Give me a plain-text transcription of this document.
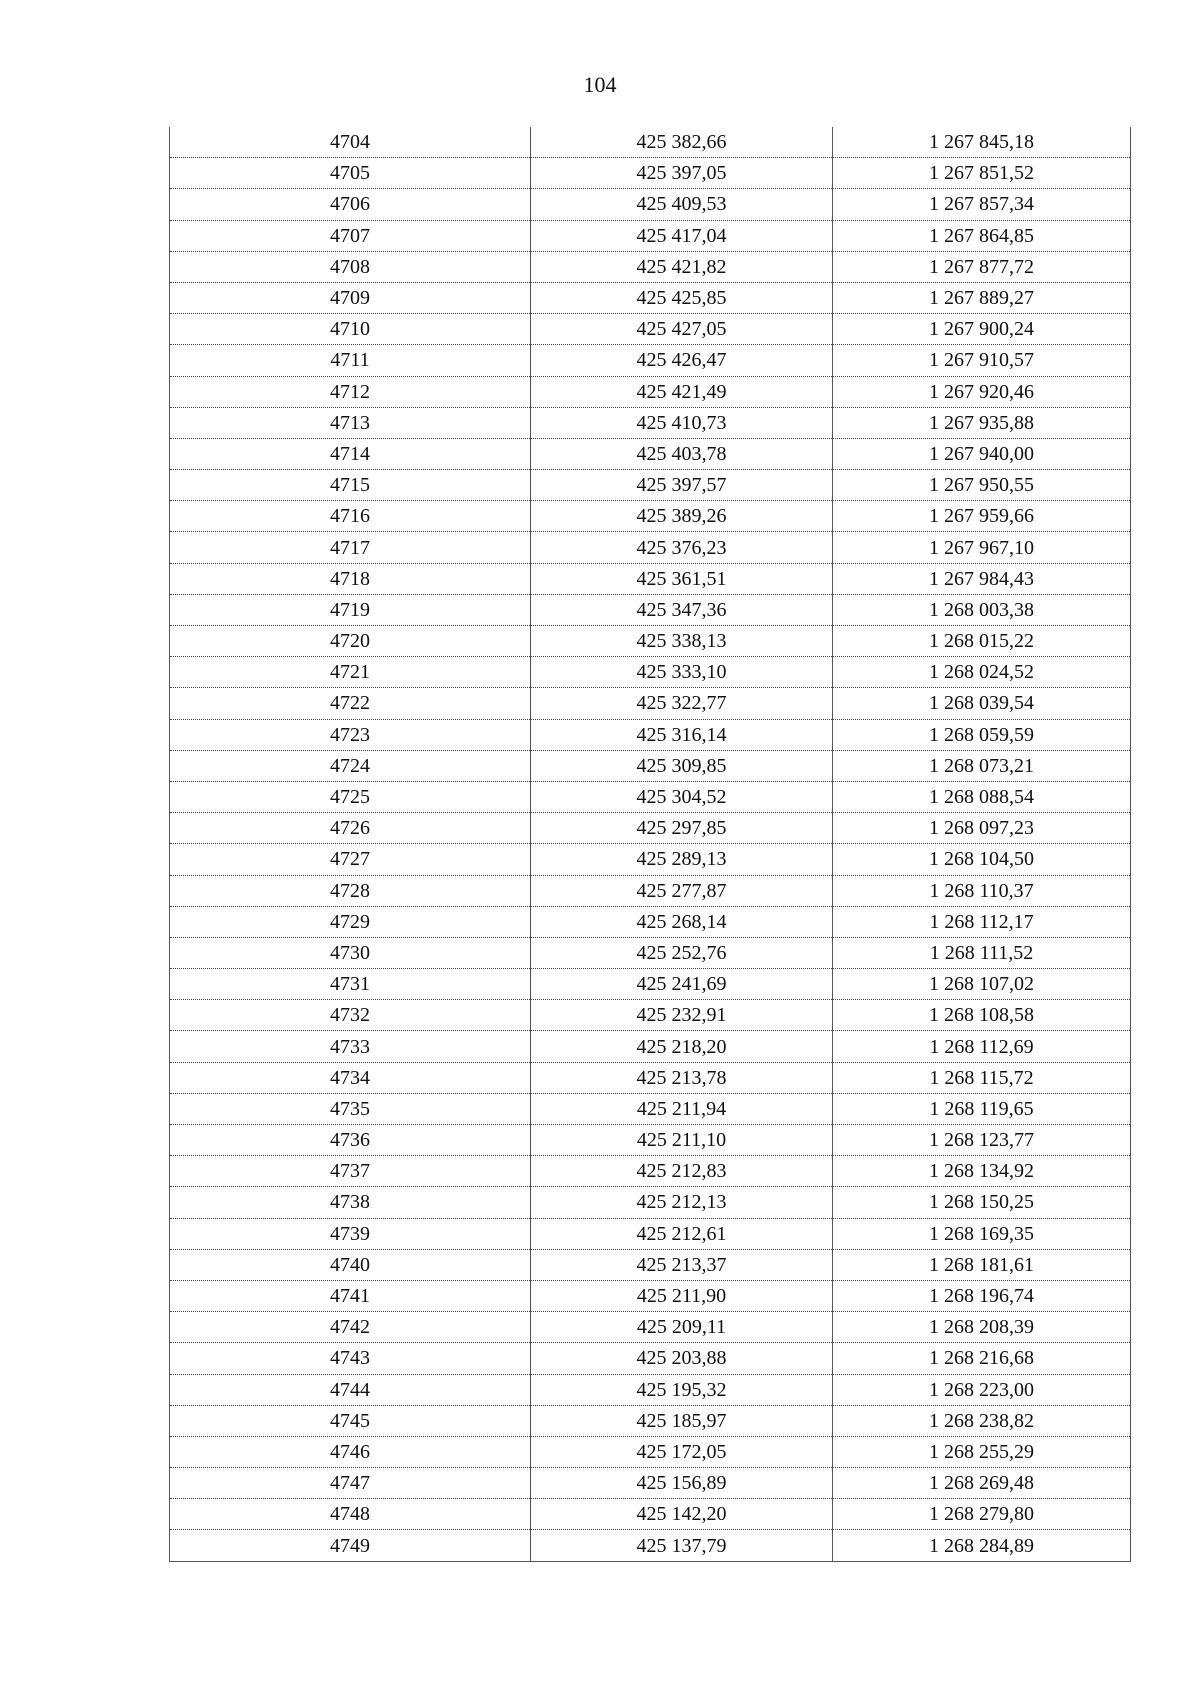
104
4704	425 382,66	1 267 845,18
4705	425 397,05	1 267 851,52
4706	425 409,53	1 267 857,34
4707	425 417,04	1 267 864,85
4708	425 421,82	1 267 877,72
4709	425 425,85	1 267 889,27
4710	425 427,05	1 267 900,24
4711	425 426,47	1 267 910,57
4712	425 421,49	1 267 920,46
4713	425 410,73	1 267 935,88
4714	425 403,78	1 267 940,00
4715	425 397,57	1 267 950,55
4716	425 389,26	1 267 959,66
4717	425 376,23	1 267 967,10
4718	425 361,51	1 267 984,43
4719	425 347,36	1 268 003,38
4720	425 338,13	1 268 015,22
4721	425 333,10	1 268 024,52
4722	425 322,77	1 268 039,54
4723	425 316,14	1 268 059,59
4724	425 309,85	1 268 073,21
4725	425 304,52	1 268 088,54
4726	425 297,85	1 268 097,23
4727	425 289,13	1 268 104,50
4728	425 277,87	1 268 110,37
4729	425 268,14	1 268 112,17
4730	425 252,76	1 268 111,52
4731	425 241,69	1 268 107,02
4732	425 232,91	1 268 108,58
4733	425 218,20	1 268 112,69
4734	425 213,78	1 268 115,72
4735	425 211,94	1 268 119,65
4736	425 211,10	1 268 123,77
4737	425 212,83	1 268 134,92
4738	425 212,13	1 268 150,25
4739	425 212,61	1 268 169,35
4740	425 213,37	1 268 181,61
4741	425 211,90	1 268 196,74
4742	425 209,11	1 268 208,39
4743	425 203,88	1 268 216,68
4744	425 195,32	1 268 223,00
4745	425 185,97	1 268 238,82
4746	425 172,05	1 268 255,29
4747	425 156,89	1 268 269,48
4748	425 142,20	1 268 279,80
4749	425 137,79	1 268 284,89
